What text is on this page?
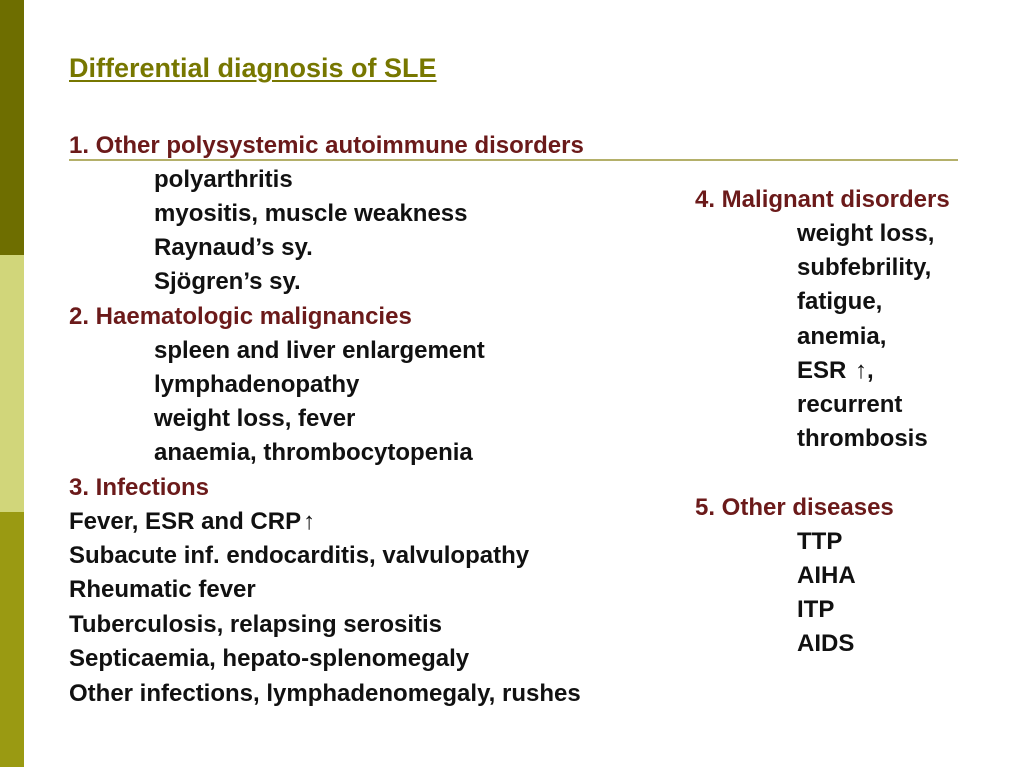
Differential diagnosis of SLE
1. Other polysystemic autoimmune disorders
polyarthritis
myositis, muscle weakness
Raynaud’s sy.
Sjögren’s sy.
2. Haematologic malignancies
spleen and liver enlargement
lymphadenopathy
weight loss, fever
anaemia, thrombocytopenia
3. Infections
Fever, ESR and CRP↑
Subacute inf. endocarditis, valvulopathy
Rheumatic fever
Tuberculosis, relapsing serositis
Septicaemia, hepato-splenomegaly
Other infections, lymphadenomegaly, rushes
4. Malignant disorders
weight loss,
subfebrility,
fatigue,
anemia,
ESR ↑,
recurrent
thrombosis
5. Other diseases
TTP
AIHA
ITP
AIDS
